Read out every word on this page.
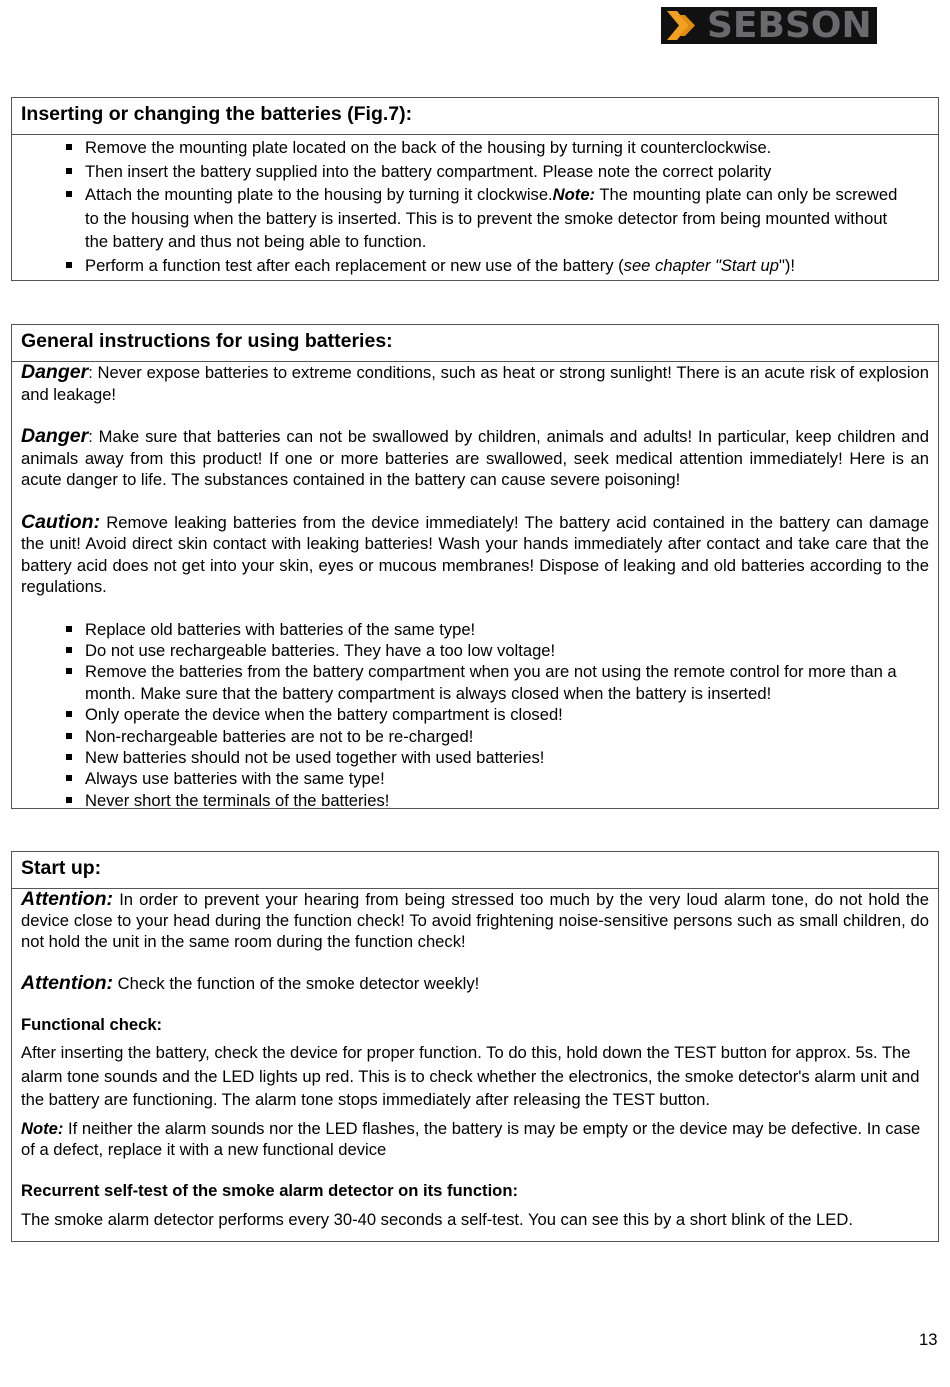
SEBSON
Inserting or changing the batteries (Fig.7):
Remove the mounting plate located on the back of the housing by turning it counterclockwise.
Then insert the battery supplied into the battery compartment. Please note the correct polarity
Attach the mounting plate to the housing by turning it clockwise.Note: The mounting plate can only be screwed to the housing when the battery is inserted. This is to prevent the smoke detector from being mounted without the battery and thus not being able to function.
Perform a function test after each replacement or new use of the battery (see chapter "Start up")!
General instructions for using batteries:

Danger: Never expose batteries to extreme conditions, such as heat or strong sunlight! There is an acute risk of explosion and leakage!

Danger: Make sure that batteries can not be swallowed by children, animals and adults! In particular, keep children and animals away from this product! If one or more batteries are swallowed, seek medical attention immediately! Here is an acute danger to life. The substances contained in the battery can cause severe poisoning!

Caution: Remove leaking batteries from the device immediately! The battery acid contained in the battery can damage the unit! Avoid direct skin contact with leaking batteries! Wash your hands immediately after contact and take care that the battery acid does not get into your skin, eyes or mucous membranes! Dispose of leaking and old batteries according to the regulations.

Replace old batteries with batteries of the same type!
Do not use rechargeable batteries. They have a too low voltage!
Remove the batteries from the battery compartment when you are not using the remote control for more than a month. Make sure that the battery compartment is always closed when the battery is inserted!
Only operate the device when the battery compartment is closed!
Non-rechargeable batteries are not to be re-charged!
New batteries should not be used together with used batteries!
Always use batteries with the same type!
Never short the terminals of the batteries!
Start up:

Attention: In order to prevent your hearing from being stressed too much by the very loud alarm tone, do not hold the device close to your head during the function check! To avoid frightening noise-sensitive persons such as small children, do not hold the unit in the same room during the function check!

Attention: Check the function of the smoke detector weekly!

Functional check:

After inserting the battery, check the device for proper function. To do this, hold down the TEST button for approx. 5s. The alarm tone sounds and the LED lights up red. This is to check whether the electronics, the smoke detector's alarm unit and the battery are functioning. The alarm tone stops immediately after releasing the TEST button.

Note: If neither the alarm sounds nor the LED flashes, the battery is may be empty or the device may be defective. In case of a defect, replace it with a new functional device

Recurrent self-test of the smoke alarm detector on its function:

The smoke alarm detector performs every 30-40 seconds a self-test. You can see this by a short blink of the LED.

13
